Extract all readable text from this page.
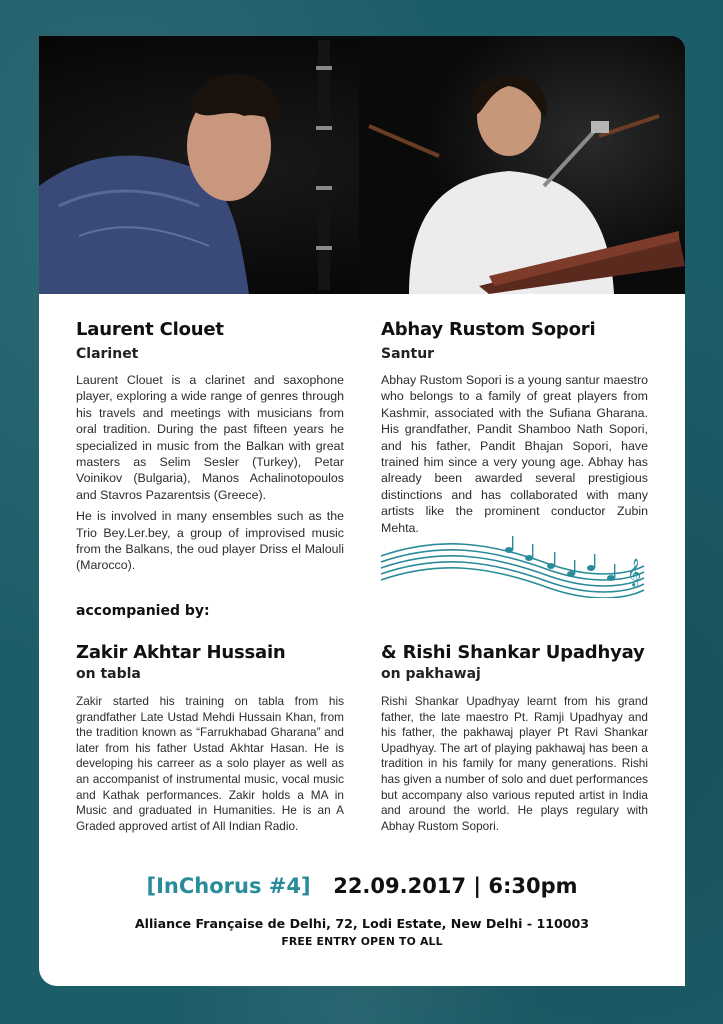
Laurent Clouet
Clarinet

Laurent Clouet is a clarinet and saxophone player, exploring a wide range of genres through his travels and meetings with musicians from oral tradition. During the past fifteen years he specialized in music from the Balkan with great masters as Selim Sesler (Turkey), Petar Voinikov (Bulgaria), Manos Achalinotopoulos and Stavros Pazarentsis (Greece).

He is involved in many ensembles such as the Trio Bey.Ler.bey, a group of improvised music from the Balkans, the oud player Driss el Malouli (Marocco).

Abhay Rustom Sopori
Santur

Abhay Rustom Sopori is a young santur maestro who belongs to a family of great players from Kashmir, associated with the Sufiana Gharana. His grandfather, Pandit Shamboo Nath Sopori, and his father, Pandit Bhajan Sopori, have trained him since a very young age. Abhay has already been awarded several prestigious distinctions and has collaborated with many artists like the prominent conductor Zubin Mehta.

𝄞
accompanied by:
Zakir Akhtar Hussain
on tabla
Zakir started his training on tabla from his grandfather Late Ustad Mehdi Hussain Khan, from the tradition known as “Farrukhabad Gharana” and later from his father Ustad Akhtar Hasan. He is developing his carreer as a solo player as well as an accompanist of instrumental music, vocal music and Kathak performances. Zakir holds a MA in Music and graduated in Humanities. He is an A Graded approved artist of All Indian Radio.
& Rishi Shankar Upadhyay
on pakhawaj
Rishi Shankar Upadhyay learnt from his grand father, the late maestro Pt. Ramji Upadhyay and his father, the pakhawaj player Pt Ravi Shankar Upadhyay. The art of playing pakhawaj has been a tradition in his family for many generations. Rishi has given a number of solo and duet performances but accompany also various reputed artist in India and around the world. He plays regulary with Abhay Rustom Sopori.
[InChorus #4] 22.09.2017 | 6:30pm
Alliance Française de Delhi, 72, Lodi Estate, New Delhi - 110003
FREE ENTRY OPEN TO ALL
